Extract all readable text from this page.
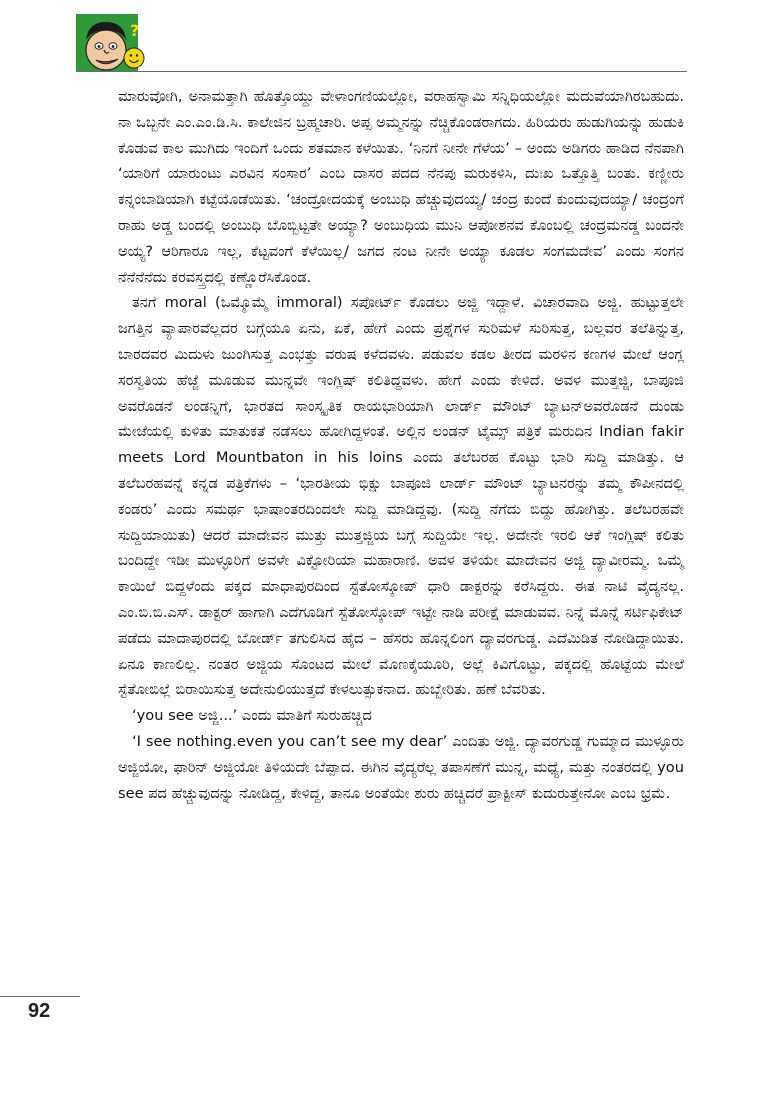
?

ಮಾರುವೋಗಿ, ಅನಾಮತ್ತಾಗಿ ಹೊತ್ತೊಯ್ದು ವೇಳಾಂಗಣಿಯಲ್ಲೋ, ವರಾಹಸ್ವಾಮಿ ಸನ್ನಿಧಿಯಲ್ಲೋ ಮದುವೆಯಾಗಿರಬಹುದು. ನಾ ಒಬ್ಬನೇ ಎಂ.ಎಂ.ಡಿ.ಸಿ. ಕಾಲೇಜಿನ ಬ್ರಹ್ಮಚಾರಿ. ಅಪ್ಪ ಅಮ್ಮನನ್ನು ನೆಚ್ಚಿಕೊಂಡರಾಗದು. ಹಿರಿಯರು ಹುಡುಗಿಯನ್ನು ಹುಡುಕಿ ಕೊಡುವ ಕಾಲ ಮುಗಿದು ಇಂದಿಗೆ ಒಂದು ಶತಮಾನ ಕಳೆಯಿತು. ‘ನಿನಗೆ ನೀನೇ ಗೆಳೆಯ’ – ಅಂದು ಅಡಿಗರು ಹಾಡಿದ ನೆನಪಾಗಿ ‘ಯಾರಿಗೆ ಯಾರುಂಟು ಎರವಿನ ಸಂಸಾರ’ ಎಂಬ ದಾಸರ ಪದದ ನೆನಪು ಮರುಕಳಿಸಿ, ದುಃಖ ಒತ್ತೊತ್ತಿ ಬಂತು. ಕಣ್ಣೀರು ಕನ್ನಂಬಾಡಿಯಾಗಿ ಕಟ್ಟೆಯೊಡೆಯಿತು. ‘ಚಂದ್ರೋದಯಕ್ಕೆ ಅಂಬುಧಿ ಹೆಚ್ಚುವುದಯ್ಯ/ ಚಂದ್ರ ಕುಂದೆ ಕುಂದುವುದಯ್ಯಾ/ ಚಂದ್ರಂಗೆ ರಾಹು ಅಡ್ಡ ಬಂದಲ್ಲಿ ಅಂಬುಧಿ ಬೊಬ್ಬಿಟ್ಟತೇ ಅಯ್ಯಾ? ಅಂಬುಧಿಯ ಮುನಿ ಆಪೋಶನವ ಕೊಂಬಲ್ಲಿ ಚಂದ್ರಮನಡ್ಡ ಬಂದನೇ ಅಯ್ಯ? ಆರಿಗಾರೂ ಇಲ್ಲ, ಕೆಟ್ಟವಂಗೆ ಕೆಳೆಯಿಲ್ಲ/ ಜಗದ ನಂಟ ನೀನೇ ಅಯ್ಯಾ ಕೂಡಲ ಸಂಗಮದೇವ’ ಎಂದು ಸಂಗನ ನೆನೆನೆನೆದು ಕರವಸ್ತ್ರದಲ್ಲಿ ಕಣ್ಣೊರೆಸಿಕೊಂಡ.

ತನಗೆ moral (ಒಮ್ಮೊಮ್ಮೆ immoral) ಸಪೋರ್ಟ್ ಕೊಡಲು ಅಜ್ಜಿ ಇದ್ದಾಳೆ. ವಿಚಾರವಾದಿ ಅಜ್ಜಿ. ಹುಟ್ಟುತ್ತಲೇ ಜಗತ್ತಿನ ವ್ಯಾಪಾರವೆಲ್ಲದರ ಬಗ್ಗೆಯೂ ಏನು, ಏಕೆ, ಹೇಗೆ ಎಂದು ಪ್ರಶ್ನೆಗಳ ಸುರಿಮಳೆ ಸುರಿಸುತ್ತ, ಬಲ್ಲವರ ತಲೆತಿನ್ನುತ್ತ, ಬಾರದವರ ಮಿದುಳು ಜುಂಗಿಸುತ್ತ ಎಂಭತ್ತು ವರುಷ ಕಳೆದವಳು. ಪಡುವಲ ಕಡಲ ತೀರದ ಮರಳಿನ ಕಣಗಳ ಮೇಲೆ ಆಂಗ್ಲ ಸರಸ್ವತಿಯ ಹೆಜ್ಜೆ ಮೂಡುವ ಮುನ್ನವೇ ಇಂಗ್ಲಿಷ್ ಕಲಿತಿದ್ದವಳು. ಹೇಗೆ ಎಂದು ಕೇಳಿದೆ. ಅವಳ ಮುತ್ತಜ್ಜಿ, ಬಾಪೂಜಿ ಅವರೊಡನೆ ಲಂಡನ್ನಿಗೆ, ಭಾರತದ ಸಾಂಸ್ಕೃತಿಕ ರಾಯಭಾರಿಯಾಗಿ ಲಾರ್ಡ್ ಮೌಂಟ್ ಬ್ಯಾಟನ್ಅವರೊಡನೆ ದುಂಡು ಮೇಜೆಯಲ್ಲಿ ಕುಳಿತು ಮಾತುಕತೆ ನಡೆಸಲು ಹೋಗಿದ್ದಳಂತೆ. ಅಲ್ಲಿನ ಲಂಡನ್ ಟೈಮ್ಸ್ ಪತ್ರಿಕೆ ಮರುದಿನ Indian fakir meets Lord Mountbaton in his loins ಎಂದು ತಲೆಬರಹ ಕೊಟ್ಟು ಭಾರಿ ಸುದ್ದಿ ಮಾಡಿತ್ತು. ಆ ತಲೆಬರಹವನ್ನೆ ಕನ್ನಡ ಪತ್ರಿಕೆಗಳು – ‘ಭಾರತೀಯ ಭಿಕ್ಷು ಬಾಪೂಜಿ ಲಾರ್ಡ್ ಮೌಂಟ್ ಬ್ಯಾಟನರನ್ನು ತಮ್ಮ ಕೌಪೀನದಲ್ಲಿ ಕಂಡರು’ ಎಂದು ಸಮರ್ಥ ಭಾಷಾಂತರದಿಂದಲೇ ಸುದ್ದಿ ಮಾಡಿದ್ದವು. (ಸುದ್ದಿ ನೆಗೆದು ಬಿದ್ದು ಹೋಗಿತ್ತು. ತಲೆಬರಹವೇ ಸುದ್ದಿಯಾಯಿತು) ಆದರೆ ಮಾದೇವನ ಮುತ್ತು ಮುತ್ತಜ್ಜಿಯ ಬಗ್ಗೆ ಸುದ್ದಿಯೇ ಇಲ್ಲ. ಅದೇನೇ ಇರಲಿ ಆಕೆ ಇಂಗ್ಲಿಷ್ ಕಲಿತು ಬಂದಿದ್ದೇ ಇಡೀ ಮುಳ್ಳೂರಿಗೆ ಅವಳೇ ವಿಕ್ಟೋರಿಯಾ ಮಹಾರಾಣಿ. ಅವಳ ತಳಿಯೇ ಮಾದೇವನ ಅಜ್ಜಿ ದ್ಯಾವೀರಮ್ಮ. ಒಮ್ಮೆ ಕಾಯಿಲೆ ಬಿದ್ದಳೆಂದು ಪಕ್ಕದ ಮಾಧಾಪುರದಿಂದ ಸ್ಟೆತೋಸ್ಕೋಪ್ ಧಾರಿ ಡಾಕ್ಟರನ್ನು ಕರೆಸಿದ್ದರು. ಈತ ನಾಟಿ ವೈದ್ಯನಲ್ಲ. ಎಂ.ಬಿ.ಬಿ.ಎಸ್. ಡಾಕ್ಟರ್ ಹಾಗಾಗಿ ಎದೆಗೂಡಿಗೆ ಸ್ಟೆತೋಸ್ಕೋಪ್ ಇಟ್ಟೇ ನಾಡಿ ಪರೀಕ್ಷೆ ಮಾಡುವವ. ನಿನ್ನೆ ಮೊನ್ನೆ ಸರ್ಟಿಫಿಕೇಟ್ ಪಡೆದು ಮಾದಾಪುರದಲ್ಲಿ ಬೋರ್ಡ್ ತಗುಲಿಸಿದ ಹೈದ – ಹೆಸರು ಹೊನ್ನಲಿಂಗ ದ್ಯಾವರಗುಡ್ಡ. ಎದೆಮಿಡಿತ ನೋಡಿದ್ದಾಯಿತು. ಏನೂ ಕಾಣಲಿಲ್ಲ. ನಂತರ ಅಜ್ಜಿಯ ಸೊಂಟದ ಮೇಲೆ ಮೊಣಕೈಯೂರಿ, ಅಲ್ಲೆ ಕಿವಿಗೊಟ್ಟು, ಪಕ್ಕದಲ್ಲಿ ಹೊಟ್ಟೆಯ ಮೇಲೆ ಸ್ಟೆತೋಬಿಲ್ಲೆ ಬಿರಾಯಿಸುತ್ತ ಅದೇನುಲಿಯುತ್ತದೆ ಕೇಳಲುತ್ಸುಕನಾದ. ಹುಬ್ಬೇರಿತು. ಹಣೆ ಬೆವರಿತು.

‘you see ಅಜ್ಜಿ...’ ಎಂದು ಮಾತಿಗೆ ಸುರುಹಚ್ಚಿದ

‘I see nothing.even you can’t see my dear’ ಎಂದಿತು ಅಜ್ಜಿ. ದ್ಯಾವರಗುಡ್ಡ ಗುಮ್ಮಾದ ಮುಳ್ಳೂರು ಅಜ್ಜಿಯೋ, ಫಾರಿನ್ ಅಜ್ಜಿಯೋ ತಿಳಿಯದೇ ಬೆಪ್ಪಾದ. ಈಗಿನ ವೈದ್ಯರೆಲ್ಲ ತಪಾಸಣೆಗೆ ಮುನ್ನ, ಮಧ್ಯೆ, ಮತ್ತು ನಂತರದಲ್ಲಿ you see ಪದ ಹೆಚ್ಚುವುದನ್ನು ನೋಡಿದ್ದ, ಕೇಳಿದ್ದ, ತಾನೂ ಅಂತೆಯೇ ಶುರು ಹಚ್ಚಿದರೆ ಪ್ರಾಕ್ಟೀಸ್ ಕುದುರುತ್ತೇನೋ ಎಂಬ ಭ್ರಮೆ.

92
